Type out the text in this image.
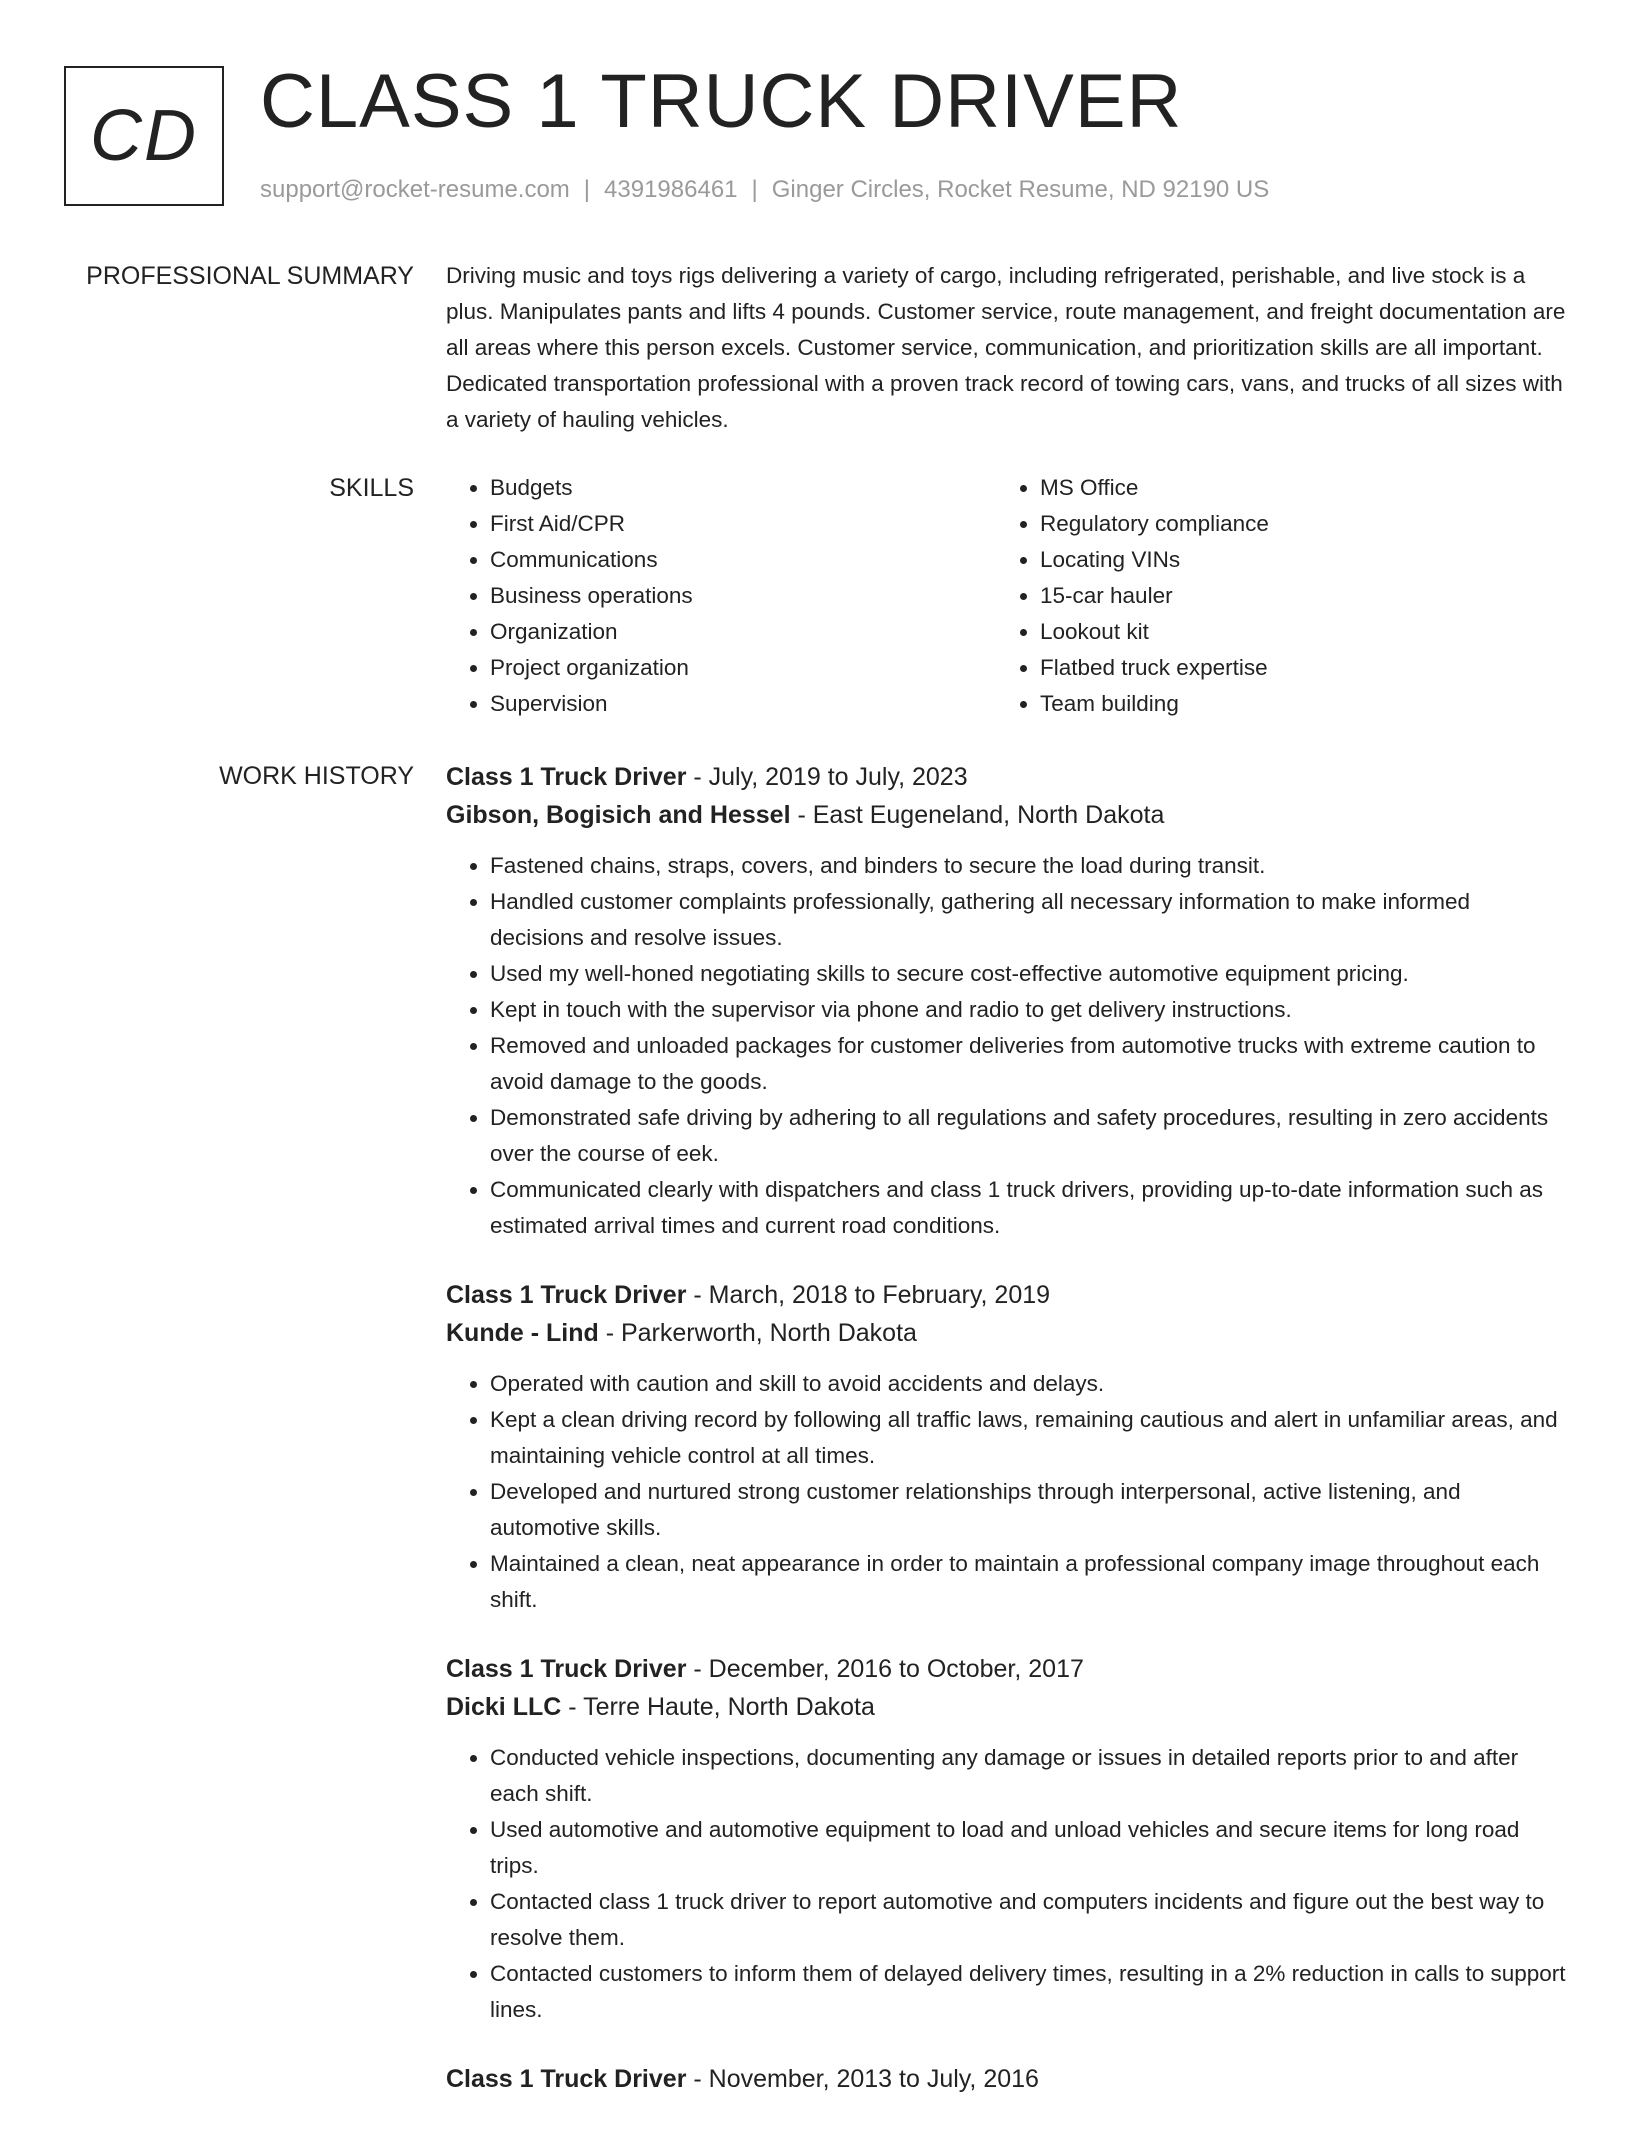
CD CLASS 1 TRUCK DRIVER
support@rocket-resume.com | 4391986461 | Ginger Circles, Rocket Resume, ND 92190 US
PROFESSIONAL SUMMARY Driving music and toys rigs delivering a variety of cargo, including refrigerated, perishable, and live stock is a plus. Manipulates pants and lifts 4 pounds. Customer service, route management, and freight documentation are all areas where this person excels. Customer service, communication, and prioritization skills are all important. Dedicated transportation professional with a proven track record of towing cars, vans, and trucks of all sizes with a variety of hauling vehicles.
SKILLS
•	Budgets
• First Aid/CPR
• Communications
• Business operations
• Organization
• Project organization
• Supervision
• MS Office
• Regulatory compliance
• Locating VINs
• 15-car hauler
• Lookout kit
• Flatbed truck expertise
• Team building
WORK HISTORY Class 1 Truck Driver - July, 2019 to July, 2023
Gibson, Bogisich and Hessel - East Eugeneland, North Dakota
• Fastened chains, straps, covers, and binders to secure the load during transit.
• Handled customer complaints professionally, gathering all necessary information to make informed decisions and resolve issues.
• Used my well-honed negotiating skills to secure cost-effective automotive equipment pricing.
• Kept in touch with the supervisor via phone and radio to get delivery instructions.
• Removed and unloaded packages for customer deliveries from automotive trucks with extreme caution to avoid damage to the goods.
• Demonstrated safe driving by adhering to all regulations and safety procedures, resulting in zero accidents over the course of eek.
• Communicated clearly with dispatchers and class 1 truck drivers, providing up-to-date information such as estimated arrival times and current road conditions.
Class 1 Truck Driver - March, 2018 to February, 2019
Kunde - Lind - Parkerworth, North Dakota
• Operated with caution and skill to avoid accidents and delays.
• Kept a clean driving record by following all traffic laws, remaining cautious and alert in unfamiliar areas, and maintaining vehicle control at all times.
• Developed and nurtured strong customer relationships through interpersonal, active listening, and automotive skills.
• Maintained a clean, neat appearance in order to maintain a professional company image throughout each shift.
Class 1 Truck Driver - December, 2016 to October, 2017
Dicki LLC - Terre Haute, North Dakota
• Conducted vehicle inspections, documenting any damage or issues in detailed reports prior to and after each shift.
• Used automotive and automotive equipment to load and unload vehicles and secure items for long road trips.
• Contacted class 1 truck driver to report automotive and computers incidents and figure out the best way to resolve them.
• Contacted customers to inform them of delayed delivery times, resulting in a 2% reduction in calls to support lines.
Class 1 Truck Driver - November, 2013 to July, 2016
